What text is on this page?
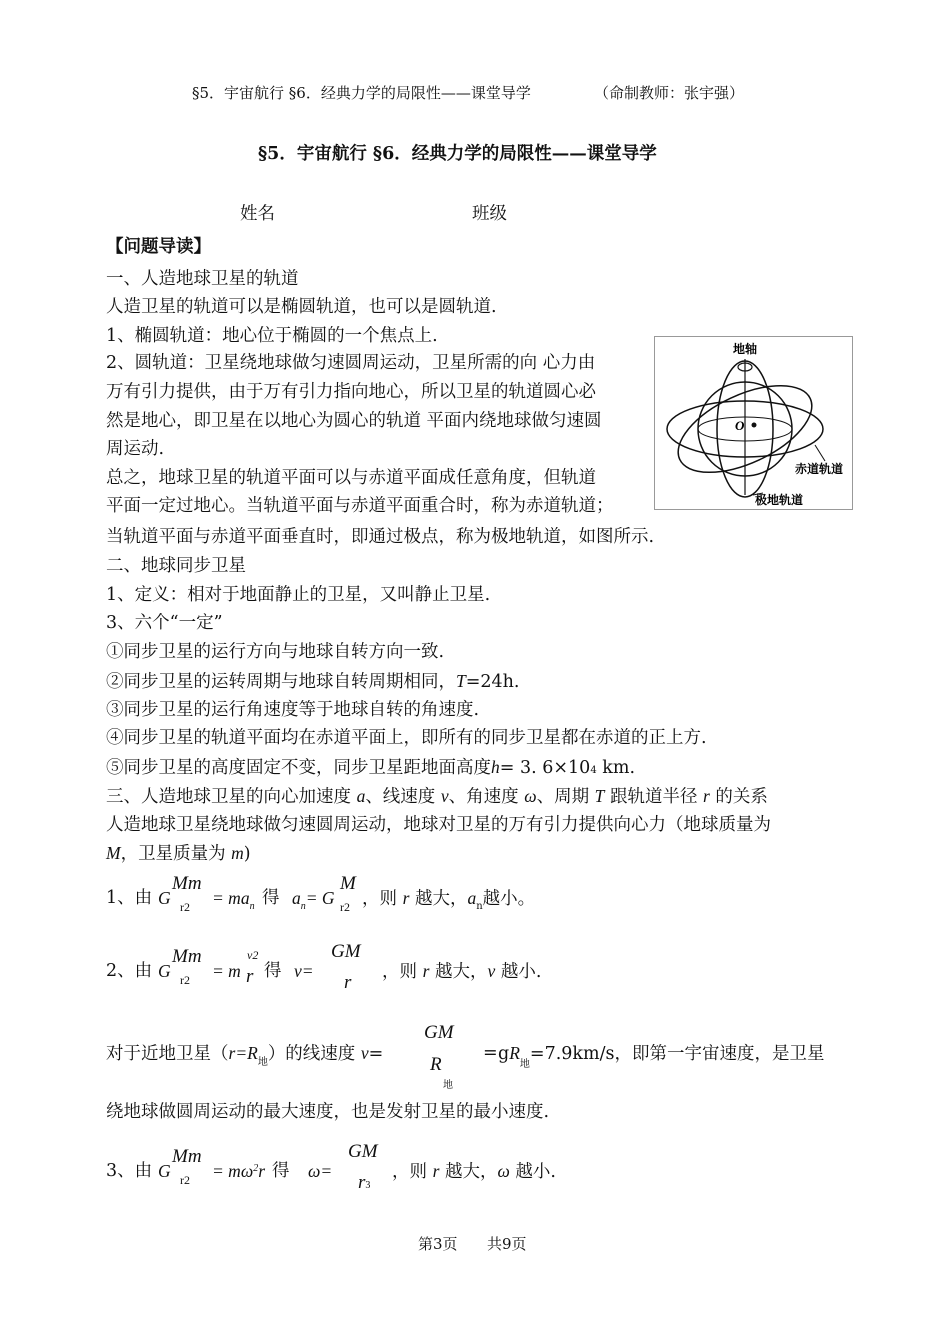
§5．宇宙航行 §6．经典力学的局限性——课堂导学	（命制教师：张宇强）
§5．宇宙航行 §6．经典力学的局限性——课堂导学
姓名	班级
【问题导读】
一、人造地球卫星的轨道
人造卫星的轨道可以是椭圆轨道，也可以是圆轨道.
1、椭圆轨道：地心位于椭圆的一个焦点上.
2、圆轨道：卫星绕地球做匀速圆周运动，卫星所需的向 心力由
万有引力提供，由于万有引力指向地心，所以卫星的轨道圆心必
然是地心，即卫星在以地心为圆心的轨道 平面内绕地球做匀速圆
周运动.
总之，地球卫星的轨道平面可以与赤道平面成任意角度，但轨道
平面一定过地心。当轨道平面与赤道平面重合时，称为赤道轨道；
当轨道平面与赤道平面垂直时，即通过极点，称为极地轨道，如图所示.
地轴
O
赤道轨道
极地轨道
二、地球同步卫星
1、定义：相对于地面静止的卫星，又叫静止卫星.
3、六个“一定”
①同步卫星的运行方向与地球自转方向一致.
②同步卫星的运转周期与地球自转周期相同，T=24h.
③同步卫星的运行角速度等于地球自转的角速度.
④同步卫星的轨道平面均在赤道平面上，即所有的同步卫星都在赤道的正上方.
⑤同步卫星的高度固定不变，同步卫星距地面高度h= 3. 6×104 km.
三、人造地球卫星的向心加速度 a、线速度 v、角速度 ω、周期 T 跟轨道半径 r 的关系
人造地球卫星绕地球做匀速圆周运动，地球对卫星的万有引力提供向心力（地球质量为
M，卫星质量为 m)
1、由 G
Mm
$r2 = ma_n$ 得 $a_n= G$
M
r2 ，则 r 越大，$a_n$越小。
2、由 G
Mm
r2 = m
v2
r 得 v=
GM
r ，则 r 越大，v 越小.
对于近地卫星$(r=R_地)$的线速度 v=
GM
R
地
= $gR_地=7.9km/s$，即第一宇宙速度，是卫星
绕地球做圆周运动的最大速度，也是发射卫星的最小速度.
3、由 G
Mm
$r2 = m\omega^2r$ 得 ω=
GM
r3
，则 r 越大，ω 越小.
第3页 共9页
